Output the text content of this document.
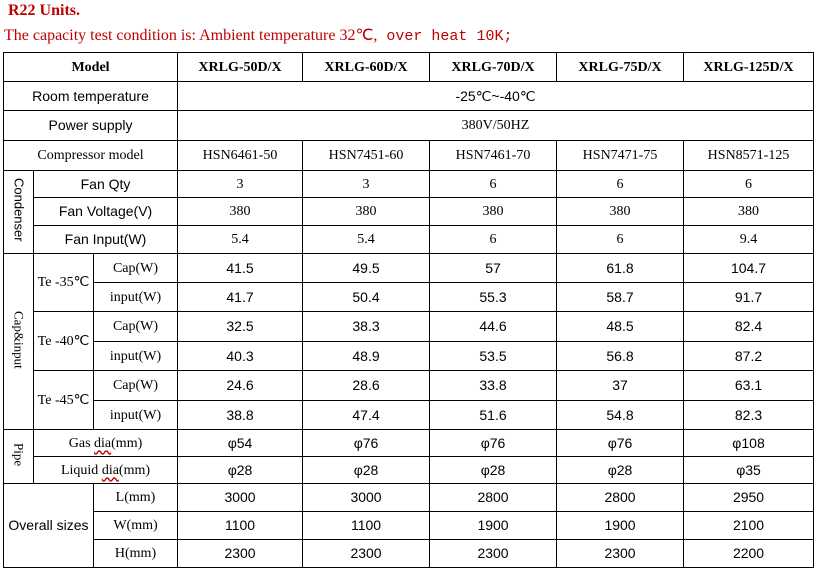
R22 Units.
The capacity test condition is: Ambient temperature 32℃, over heat 10K;
Model			XRLG-50D/X	XRLG-60D/X	XRLG-70D/X	XRLG-75D/X	XRLG-125D/X
Room temperature			-25℃~-40℃				
Power supply			380V/50HZ				
Compressor model			HSN6461-50	HSN7451-60	HSN7461-70	HSN7471-75	HSN8571-125
Condenser	Fan Qty		3	3	6	6	6
	Fan Voltage(V)		380	380	380	380	380
	Fan Input(W)		5.4	5.4	6	6	9.4
Cap&input	Te -35℃	Cap(W)	41.5	49.5	57	61.8	104.7
		input(W)	41.7	50.4	55.3	58.7	91.7
	Te -40℃	Cap(W)	32.5	38.3	44.6	48.5	82.4
		input(W)	40.3	48.9	53.5	56.8	87.2
	Te -45℃	Cap(W)	24.6	28.6	33.8	37	63.1
		input(W)	38.8	47.4	51.6	54.8	82.3
Pipe	Gas dia(mm)		φ54	φ76	φ76	φ76	φ108
	Liquid dia(mm)		φ28	φ28	φ28	φ28	φ35
Overall sizes		L(mm)	3000	3000	2800	2800	2950
		W(mm)	1100	1100	1900	1900	2100
		H(mm)	2300	2300	2300	2300	2200
